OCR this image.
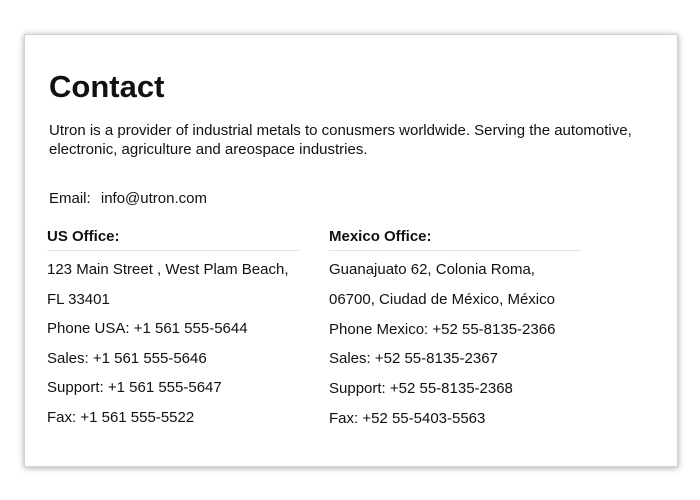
Contact

Utron is a provider of industrial metals to conusmers worldwide. Serving the automotive, electronic, agriculture and areospace industries.

Email: info@utron.com
US Office:
123 Main Street , West Plam Beach,
FL 33401
Phone USA: +1 561 555-5644
Sales: +1 561 555-5646
Support: +1 561 555-5647
Fax: +1 561 555-5522
Mexico Office:
Guanajuato 62, Colonia Roma,
06700, Ciudad de México, México
Phone Mexico: +52 55-8135-2366
Sales: +52 55-8135-2367
Support: +52 55-8135-2368
Fax: +52 55-5403-5563
